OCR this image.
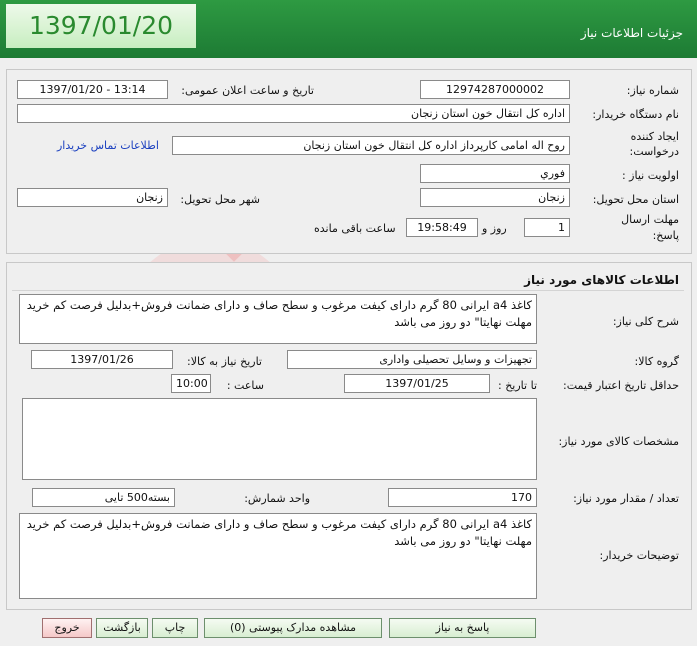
1397/01/20	جزئیات اطلاعات نیاز
شماره نیاز:
12974287000002
تاریخ و ساعت اعلان عمومی:
1397/01/20 - 13:14
نام دستگاه خریدار:
اداره کل انتقال خون استان زنجان
ایجاد کننده
درخواست:
روح اله امامی کارپرداز اداره کل انتقال خون استان زنجان
اطلاعات تماس خریدار
اولویت نیاز :
فوري
استان محل تحویل:
زنجان
شهر محل تحویل:
زنجان
مهلت ارسال
پاسخ:
1
روز و
19:58:49
ساعت باقی مانده
اطلاعات کالاهای مورد نیاز
شرح کلی نیاز:
کاغذ a4 ایرانی 80 گرم دارای کیفت مرغوب و سطح صاف و دارای ضمانت فروش+بدلیل فرصت کم خرید مهلت نهایتا" دو روز می باشد
گروه کالا:
تجهیزات و وسایل تحصیلی واداری
تاریخ نیاز به کالا:
1397/01/26
حداقل تاریخ اعتبار قیمت:
تا تاریخ :
1397/01/25
ساعت :
10:00
مشخصات کالای مورد نیاز:
تعداد / مقدار مورد نیاز:
170
واحد شمارش:
بسته500 تایی
توضیحات خریدار:
کاغذ a4 ایرانی 80 گرم دارای کیفت مرغوب و سطح صاف و دارای ضمانت فروش+بدلیل فرصت کم خرید مهلت نهایتا" دو روز می باشد
پاسخ به نیاز
مشاهده مدارک پیوستی (0)
چاپ
بازگشت
خروج
